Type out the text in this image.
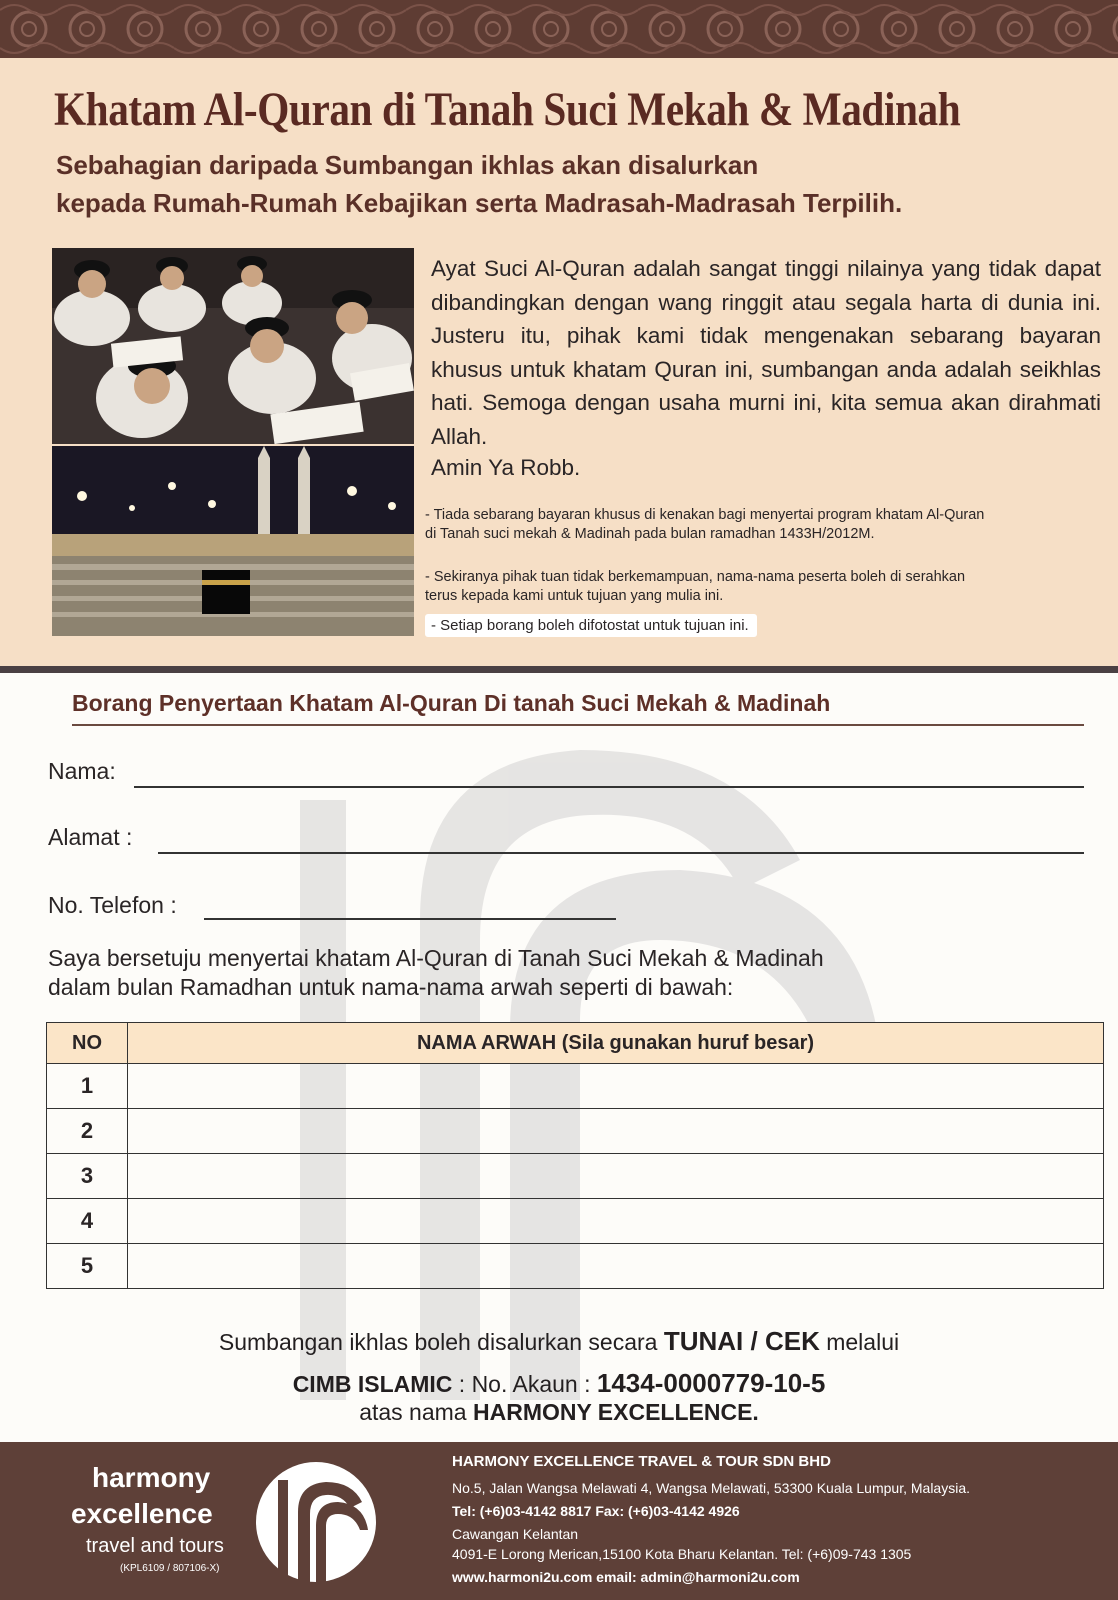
Khatam Al-Quran di Tanah Suci Mekah & Madinah
Sebahagian daripada Sumbangan ikhlas akan disalurkan
kepada Rumah-Rumah Kebajikan serta Madrasah-Madrasah Terpilih.
Ayat Suci Al-Quran adalah sangat tinggi nilainya yang tidak dapat dibandingkan dengan wang ringgit atau segala harta di dunia ini. Justeru itu, pihak kami tidak mengenakan sebarang bayaran khusus untuk khatam Quran ini, sumbangan anda adalah seikhlas hati. Semoga dengan usaha murni ini, kita semua akan dirahmati Allah.
Amin Ya Robb.
- Tiada sebarang bayaran khusus di kenakan bagi menyertai program khatam Al-Quran di Tanah suci mekah & Madinah pada bulan ramadhan 1433H/2012M.
- Sekiranya pihak tuan tidak berkemampuan, nama-nama peserta boleh di serahkan terus kepada kami untuk tujuan yang mulia ini.
- Setiap borang boleh difotostat untuk tujuan ini.
Borang Penyertaan Khatam Al-Quran Di tanah Suci Mekah & Madinah
Nama:
Alamat :
No. Telefon :
Saya bersetuju menyertai khatam Al-Quran di Tanah Suci Mekah & Madinah
dalam bulan Ramadhan untuk nama-nama arwah seperti di bawah:
NO	NAMA ARWAH (Sila gunakan huruf besar)
1	
2	
3	
4	
5	
Sumbangan ikhlas boleh disalurkan secara TUNAI / CEK melalui
CIMB ISLAMIC : No. Akaun : 1434-0000779-10-5
atas nama HARMONY EXCELLENCE.
harmony
excellence
travel and tours
(KPL6109 / 807106-X)
HARMONY EXCELLENCE TRAVEL & TOUR SDN BHD
No.5, Jalan Wangsa Melawati 4, Wangsa Melawati, 53300 Kuala Lumpur, Malaysia.
Tel: (+6)03-4142 8817 Fax: (+6)03-4142 4926
Cawangan Kelantan
4091-E Lorong Merican,15100 Kota Bharu Kelantan. Tel: (+6)09-743 1305
www.harmoni2u.com email: admin@harmoni2u.com
